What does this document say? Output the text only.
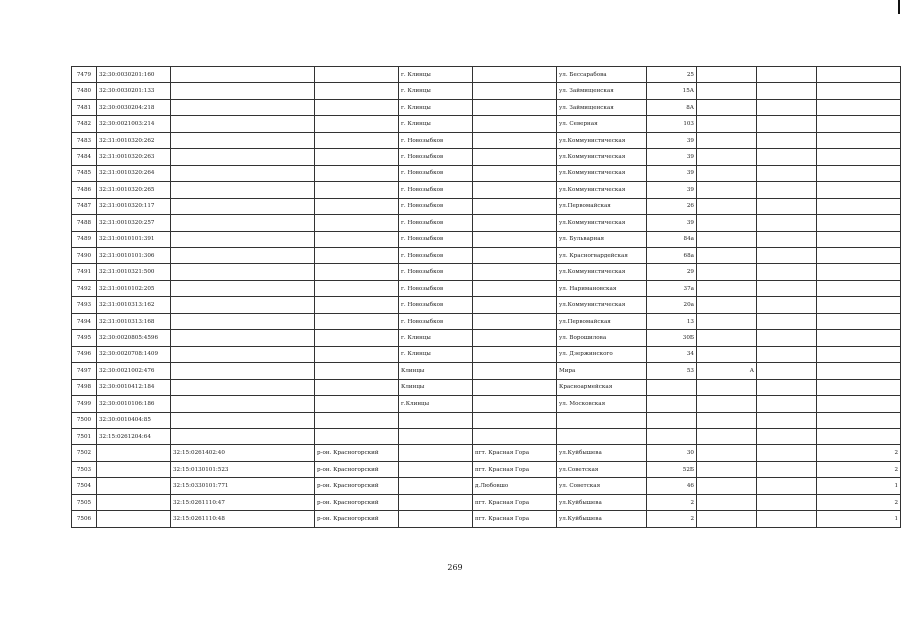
7479	32:30:0030201:160			г. Клинцы		ул. Бессарабова	25			
7480	32:30:0030201:133			г. Клинцы		ул. Займищенская	15А			
7481	32:30:0030204:218			г. Клинцы		ул. Займищенская	8А			
7482	32:30:0021003:214			г. Клинцы		ул. Северная	103			
7483	32:31:0010320:262			г. Новозыбков		ул.Коммунистическая	39			
7484	32:31:0010320:263			г. Новозыбков		ул.Коммунистическая	39			
7485	32:31:0010320:264			г. Новозыбков		ул.Коммунистическая	39			
7486	32:31:0010320:265			г. Новозыбков		ул.Коммунистическая	39			
7487	32:31:0010320:117			г. Новозыбков		ул.Первомайская	26			
7488	32:31:0010320:257			г. Новозыбков		ул.Коммунистическая	39			
7489	32:31:0010101:391			г. Новозыбков		ул. Бульварная	84а			
7490	32:31:0010101:306			г. Новозыбков		ул. Красногвардейская	68а			
7491	32:31:0010321:500			г. Новозыбков		ул.Коммунистическая	29			
7492	32:31:0010102:205			г. Новозыбков		ул. Наримановская	37а			
7493	32:31:0010313:162			г. Новозыбков		ул.Коммунистическая	20а			
7494	32:31:0010313:168			г. Новозыбков		ул.Первомайская	13			
7495	32:30:0020805:4596			г. Клинцы		ул. Ворошилова	30Б			
7496	32:30:0020708:1409			г. Клинцы		ул. Дзержинского	34			
7497	32:30:0021002:476			Клинцы		Мира	53	А		
7498	32:30:0010412:184			Клинцы		Красноармейская				
7499	32:30:0010106:186			г.Клинцы		ул. Московская				
7500	32:30:0010404:85									
7501	32:15:0261204:64									
7502		32:15:0261402:40	р-он. Красногорский		пгт. Красная Гора	ул.Куйбышева	30			2
7503		32:15:0130101:523	р-он. Красногорский		пгт. Красная Гора	ул.Советская	52Б			2
7504		32:15:0330101:771	р-он. Красногорский		д.Любовшо	ул. Советская	46			1
7505		32:15:0261110:47	р-он. Красногорский		пгт. Красная Гора	ул.Куйбышева	2			2
7506		32:15:0261110:48	р-он. Красногорский		пгт. Красная Гора	ул.Куйбышева	2			1
269
